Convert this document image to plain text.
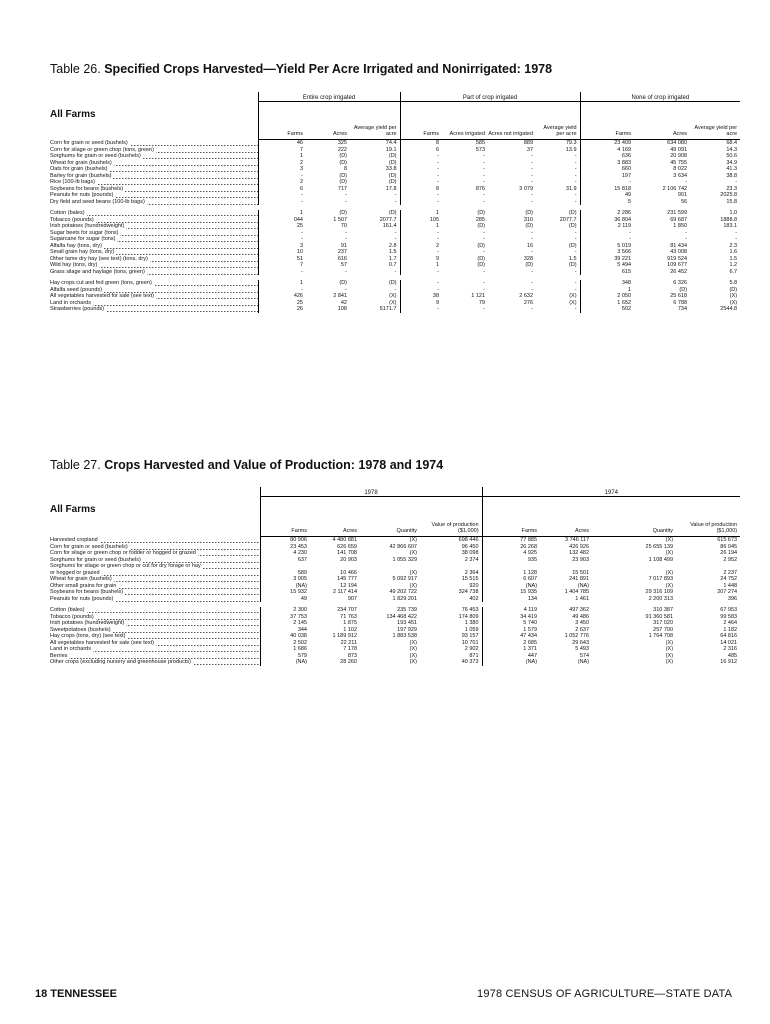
Table 26. Specified Crops Harvested—Yield Per Acre Irrigated and Nonirrigated: 1978
	Entire crop irrigated			Part of crop irrigated				None of crop irrigated		
All Farms	Farms	Acres	Average yield per acre	Farms	Acres irrigated	Acres not irrigated	Average yield per acre	Farms	Acres	Average yield per acre
Corn for grain or seed (bushels)	46	325	74.4	8	585	889	79.3	23 409	634 080	68.4
Corn for silage or green chop (tons, green)	7	222	19.1	6	573	37	13.9	4 169	49 091	14.3
Sorghums for grain or seed (bushels)	1	(D)	(D)	-	-	-	-	636	20 908	50.6
Wheat for grain (bushels)	2	(D)	(D)	-	-	-	-	3 883	45 755	34.9
Oats for grain (bushels)	3	8	33.8	-	-	-	-	660	8 022	41.3
Barley for grain (bushels)	-	(D)	(D)	-	-	-	-	197	3 634	38.8
Rice (100-lb bags)	2	(D)	(D)	-	-	-	-	-	-	-
Soybeans for beans (bushels)	6	717	17.8	8	876	3 079	31.9	15 818	2 106 742	23.3
Peanuts for nuts (pounds)	-	-	-	-	-	-	-	49	901	2025.8
Dry field and seed beans (100-lb bags)	-	-	-	-	-	-	-	5	56	15.8

Cotton (bales)	1	(D)	(D)	1	(D)	(D)	(D)	2 286	231 599	1.0
Tobacco (pounds)	044	1 507	2077.7	105	285	310	2077.7	36 804	69 687	1888.8
Irish potatoes (hundredweight)	25	70	161.4	1	(D)	(D)	(D)	2 119	1 850	183.1
Sugar beets for sugar (tons)	-	-	-	-	-	-	-	-	-	-
Sugarcane for sugar (tons)	-	-	-	-	-	-	-	-	-	-
Alfalfa hay (tons, dry)	3	91	2.8	2	(D)	16	(D)	5 019	81 434	2.3
Small grain hay (tons, dry)	10	237	1.5	-	-	-	-	3 566	43 008	1.6
Other tame dry hay (see text) (tons, dry)	51	616	1.7	9	(D)	328	1.5	39 221	919 524	1.5
Wild hay (tons, dry)	7	57	0.7	1	(D)	(D)	(D)	5 494	109 677	1.2
Grass silage and haylage (tons, green)	-	-	-	-	-	-	-	615	26 452	6.7

Hay crops cut and fed green (tons, green)	1	(D)	(D)	-	-	-	-	348	6 326	5.8
Alfalfa seed (pounds)	-	-	-	-	-	-	-	1	(D)	(D)
All vegetables harvested for sale (see text)	426	2 841	(X)	38	1 121	2 632	(X)	2 050	25 618	(X)
Land in orchards	25	42	(X)	9	79	276	(X)	1 652	6 788	(X)
Strawberries (pounds)	26	108	5171.7	-	-	-	-	502	734	2544.8
Table 27. Crops Harvested and Value of Production: 1978 and 1974
	1978				1974			
All Farms	Farms	Acres	Quantity	Value of production ($1,000)	Farms	Acres	Quantity	Value of production ($1,000)
Harvested cropland	80 906	4 480 881	(X)	698 446	77 885	3 746 117	(X)	615 673
Corn for grain or seed (bushels)	23 453	626 659	42 866 607	96 450	26 268	426 926	25 655 139	86 045
Corn for silage or green chop or fodder or hogged or grazed	4 230	141 708	(X)	38 098	4 925	132 482	(X)	26 194
Sorghums for grain or seed (bushels)	637	20 903	1 055 329	2 374	935	23 903	1 108 499	2 952
Sorghums for silage or green chop or cut for dry forage or hay								
or hogged or grazed	589	10 466	(X)	2 364	1 128	15 501	(X)	2 237
Wheat for grain (bushels)	3 005	145 777	5 092 917	15 515	6 607	241 891	7 017 893	24 752
Other small grains for grain	(NA)	12 194	(X)	920	(NA)	(NA)	(X)	1 448
Soybeans for beans (bushels)	15 932	2 117 414	49 202 722	324 738	15 935	1 404 785	29 316 109	207 274
Peanuts for nuts (pounds)	49	907	1 829 201	402	134	1 461	2 200 313	396

Cotton (bales)	2 300	234 707	235 739	76 453	4 119	497 362	310 387	67 953
Tobacco (pounds)	37 753	71 763	134 468 422	174 809	34 419	49 486	91 360 581	99 583
Irish potatoes (hundredweight)	2 145	1 875	193 451	1 380	5 740	3 450	317 020	2 464
Sweetpotatoes (bushels)	344	1 102	197 929	1 059	1 579	2 637	257 700	1 182
Hay crops (tons, dry) (see text)	40 038	1 189 912	1 883 538	93 157	47 434	1 052 776	1 764 708	64 816
All vegetables harvested for sale (see text)	2 502	22 211	(X)	10 701	2 685	29 643	(X)	14 021
Land in orchards	1 686	7 178	(X)	2 902	1 371	5 493	(X)	2 316
Berries	579	873	(X)	871	447	574	(X)	485
Other crops (excluding nursery and greenhouse products)	(NA)	28 260	(X)	40 373	(NA)	(NA)	(X)	16 912
18 TENNESSEE	1978 CENSUS OF AGRICULTURE—STATE DATA
